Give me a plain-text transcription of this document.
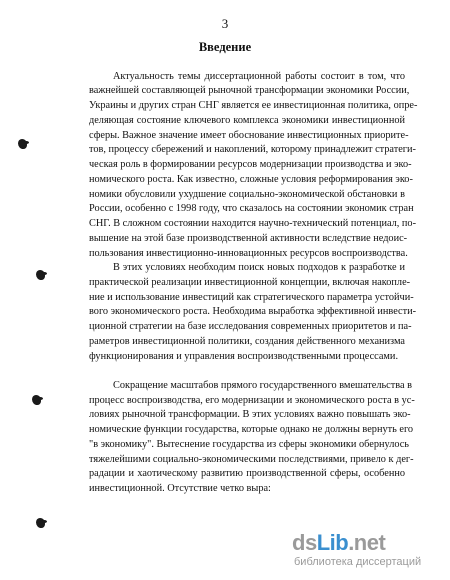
3
Введение
Актуальность темы диссертационной работы состоит в том, что
важнейшей составляющей рыночной трансформации экономики России,
Украины и других стран СНГ является ее инвестиционная политика, опре-
деляющая состояние ключевого комплекса экономики инвестиционной
сферы. Важное значение имеет обоснование инвестиционных приорите-
тов, процессу сбережений и накоплений, которому принадлежит стратеги-
ческая роль в формировании ресурсов модернизации производства и эко-
номического роста. Как известно, сложные условия реформирования эко-
номики обусловили ухудшение социально-экономической обстановки в
России, особенно с 1998 году, что сказалось на состоянии экономик стран
СНГ. В сложном состоянии находится научно-технический потенциал, по-
вышение на этой базе производственной активности вследствие недоис-
пользования инвестиционно-инновационных ресурсов воспроизводства.
В этих условиях необходим поиск новых подходов к разработке и
практической реализации инвестиционной концепции, включая накопле-
ние и использование инвестиций как стратегического параметра устойчи-
вого экономического роста. Необходима выработка эффективной инвести-
ционной стратегии на базе исследования современных приоритетов и па-
раметров инвестиционной политики, создания действенного механизма
функционирования и управления воспроизводственными процессами.
Сокращение масштабов прямого государственного вмешательства в
процесс воспроизводства, его модернизации и экономического роста в ус-
ловиях рыночной трансформации. В этих условиях важно повышать эко-
номические функции государства, которые однако не должны вернуть его
"в экономику". Вытеснение государства из сферы экономики обернулось
тяжелейшими социально-экономическими последствиями, привело к дег-
радации и хаотическому развитию производственной сферы, особенно
инвестиционной. Отсутствие четко выра:
dsLib.net
библиотека диссертаций
